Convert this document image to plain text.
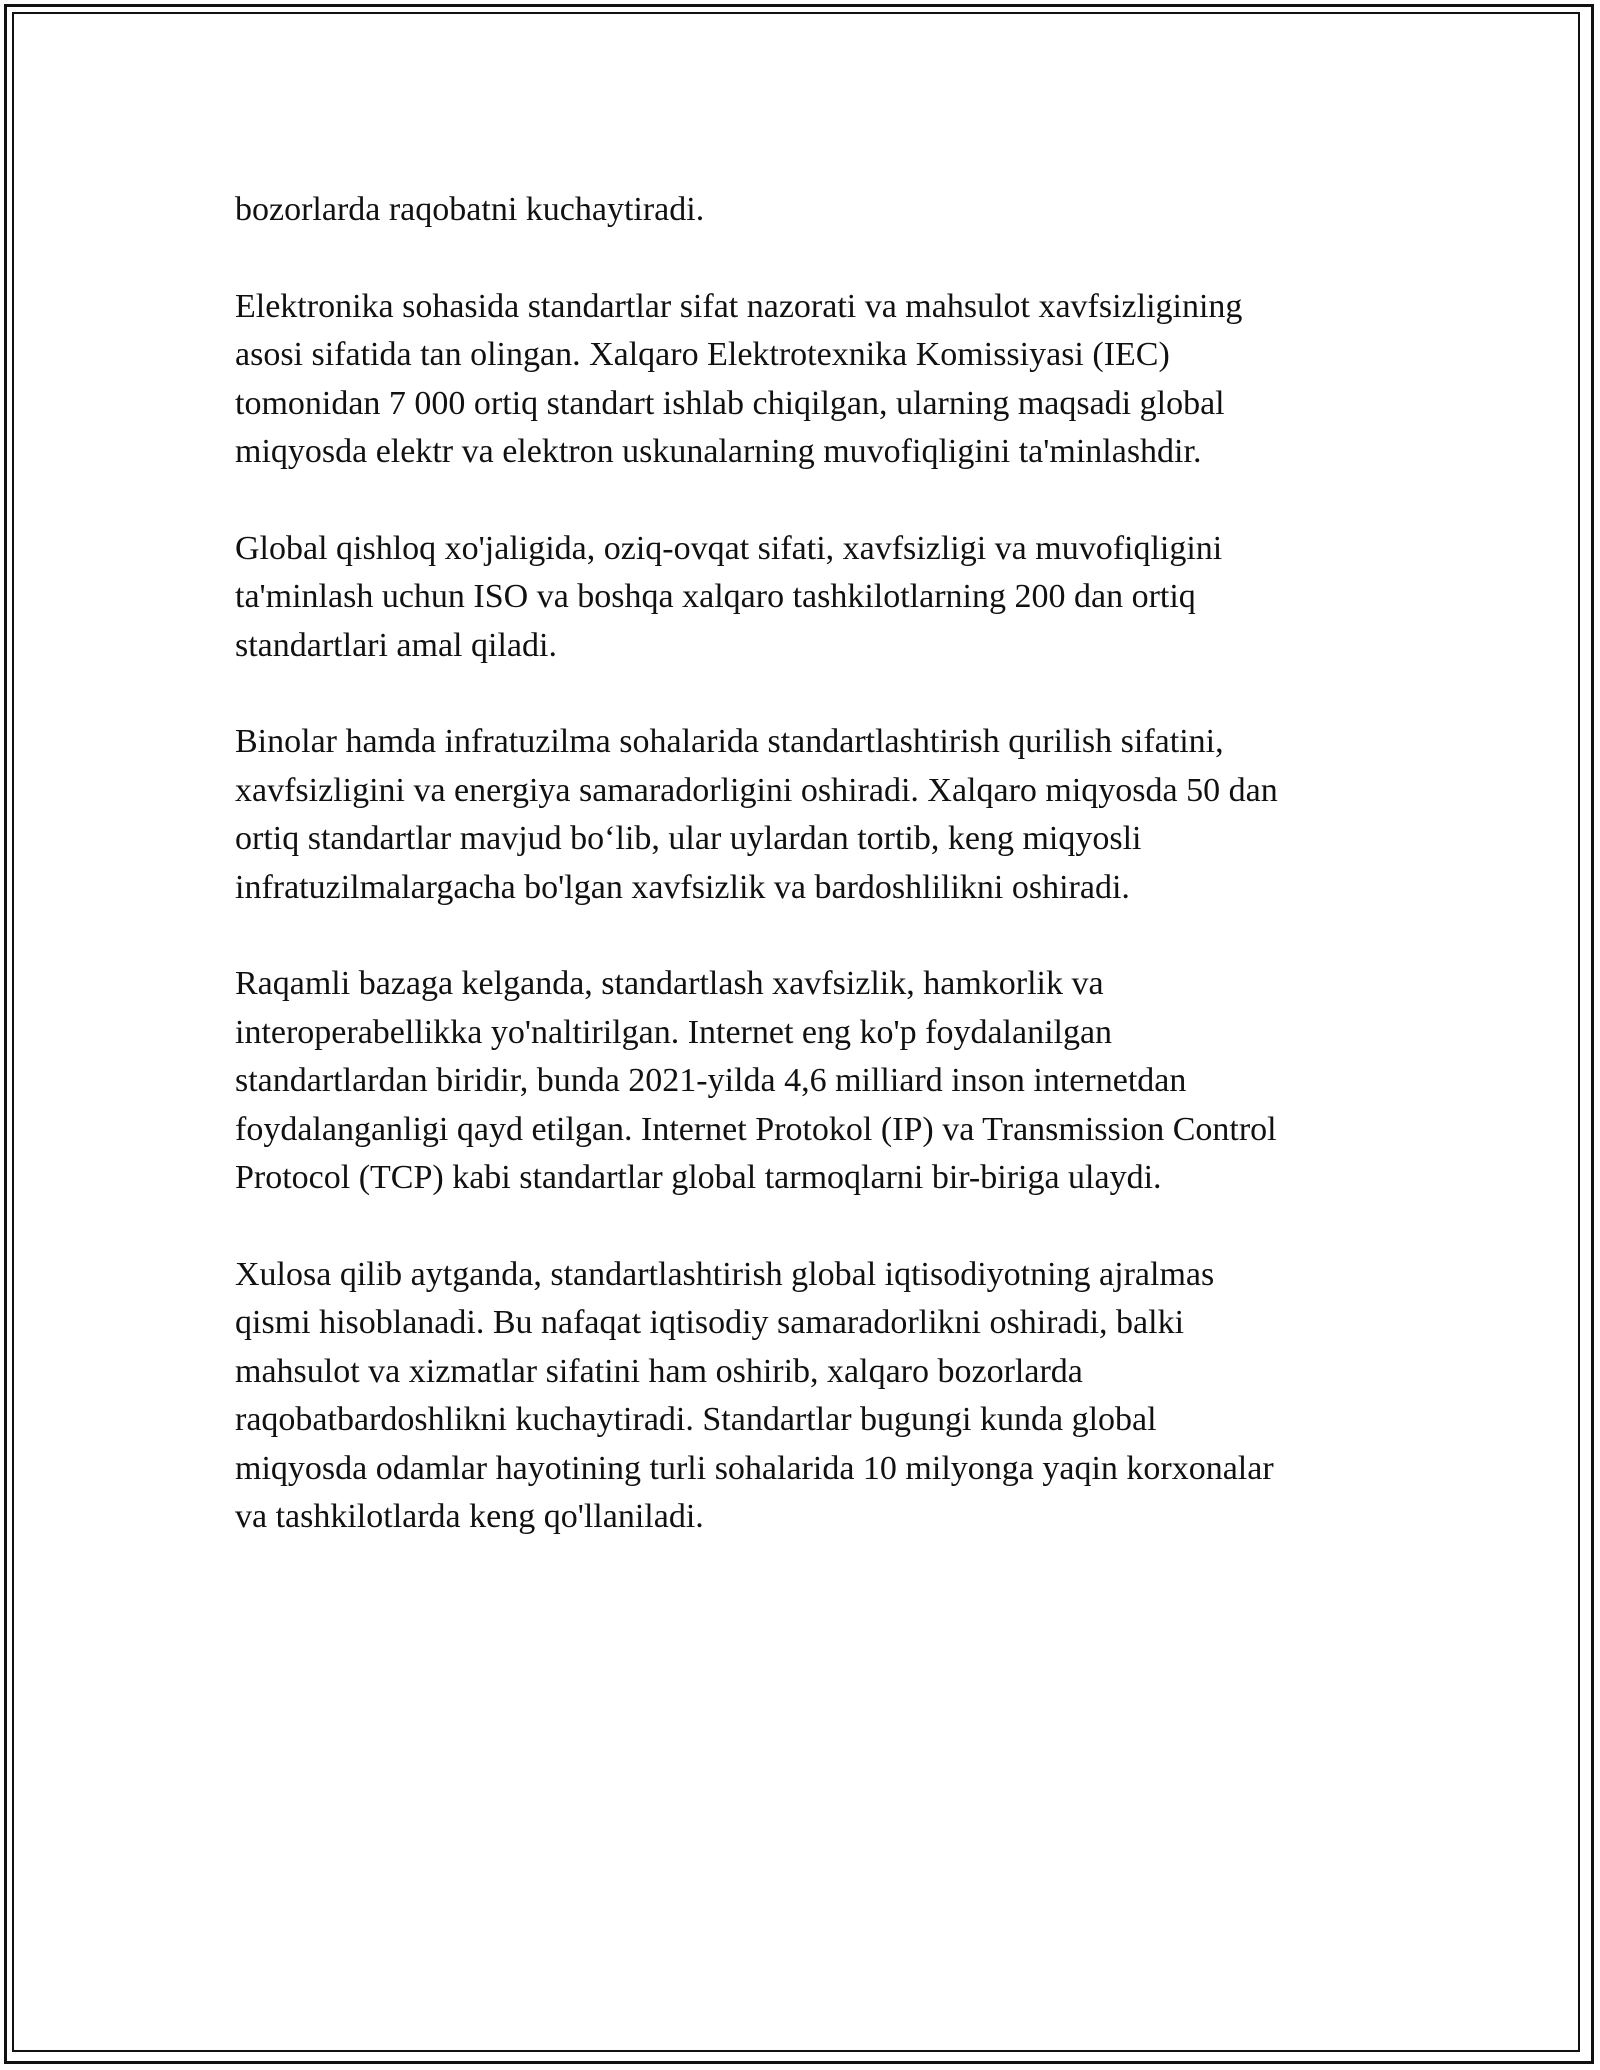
bozorlarda raqobatni kuchaytiradi.

Elektronika sohasida standartlar sifat nazorati va mahsulot xavfsizligining
asosi sifatida tan olingan. Xalqaro Elektrotexnika Komissiyasi (IEC)
tomonidan 7 000 ortiq standart ishlab chiqilgan, ularning maqsadi global
miqyosda elektr va elektron uskunalarning muvofiqligini ta'minlashdir.

Global qishloq xo'jaligida, oziq-ovqat sifati, xavfsizligi va muvofiqligini
ta'minlash uchun ISO va boshqa xalqaro tashkilotlarning 200 dan ortiq
standartlari amal qiladi.

Binolar hamda infratuzilma sohalarida standartlashtirish qurilish sifatini,
xavfsizligini va energiya samaradorligini oshiradi. Xalqaro miqyosda 50 dan
ortiq standartlar mavjud bo‘lib, ular uylardan tortib, keng miqyosli
infratuzilmalargacha bo'lgan xavfsizlik va bardoshlilikni oshiradi.

Raqamli bazaga kelganda, standartlash xavfsizlik, hamkorlik va
interoperabellikka yo'naltirilgan. Internet eng ko'p foydalanilgan
standartlardan biridir, bunda 2021-yilda 4,6 milliard inson internetdan
foydalanganligi qayd etilgan. Internet Protokol (IP) va Transmission Control
Protocol (TCP) kabi standartlar global tarmoqlarni bir-biriga ulaydi.

Xulosa qilib aytganda, standartlashtirish global iqtisodiyotning ajralmas
qismi hisoblanadi. Bu nafaqat iqtisodiy samaradorlikni oshiradi, balki
mahsulot va xizmatlar sifatini ham oshirib, xalqaro bozorlarda
raqobatbardoshlikni kuchaytiradi. Standartlar bugungi kunda global
miqyosda odamlar hayotining turli sohalarida 10 milyonga yaqin korxonalar
va tashkilotlarda keng qo'llaniladi.
